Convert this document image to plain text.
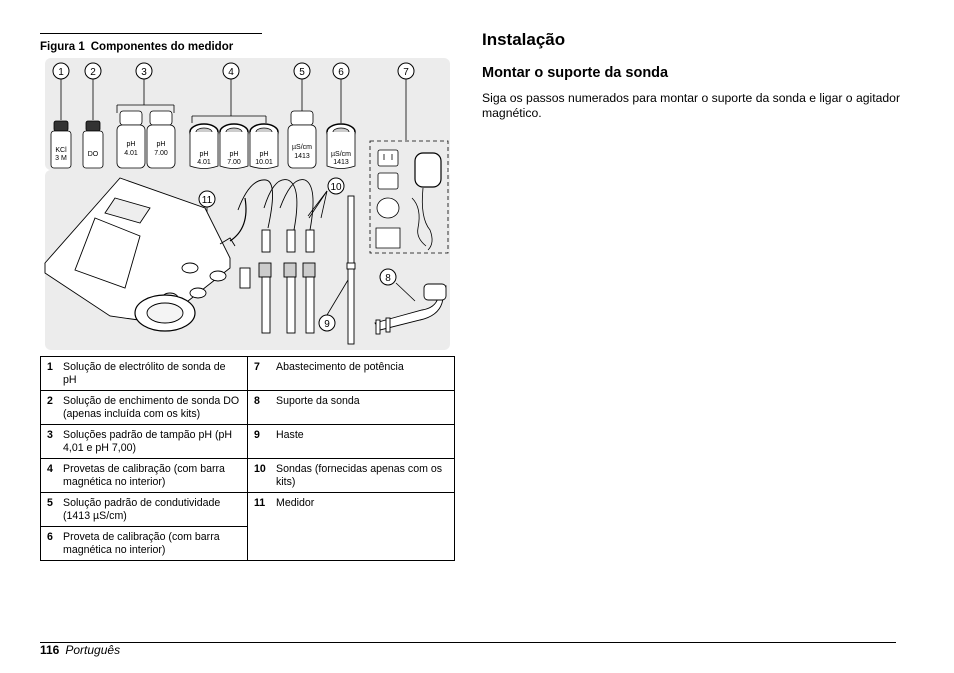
Figura 1 Componentes do medidor
1	2	3	4	5	6	7
8
9
10
11
KCl
3 M
DO
pH
4.01
pH
7.00	pH
4.01
pH
7.00
pH
10.01
µS/cm
1413	µS/cm
1413
1 Solução de electrólito de sonda de pH	7 Abastecimento de potência

2 Solução de enchimento de sonda DO (apenas incluída com os kits)	8 Suporte da sonda

3 Soluções padrão de tampão pH (pH 4,01 e pH 7,00)	9 Haste

4 Provetas de calibração (com barra magnética no interior)	10 Sondas (fornecidas apenas com os kits)

5 Solução padrão de condutividade (1413 µS/cm)	11 Medidor

6 Proveta de calibração (com barra magnética no interior)	

Instalação
Montar o suporte da sonda

Siga os passos numerados para montar o suporte da sonda e ligar o agitador magnético.

116 Português
